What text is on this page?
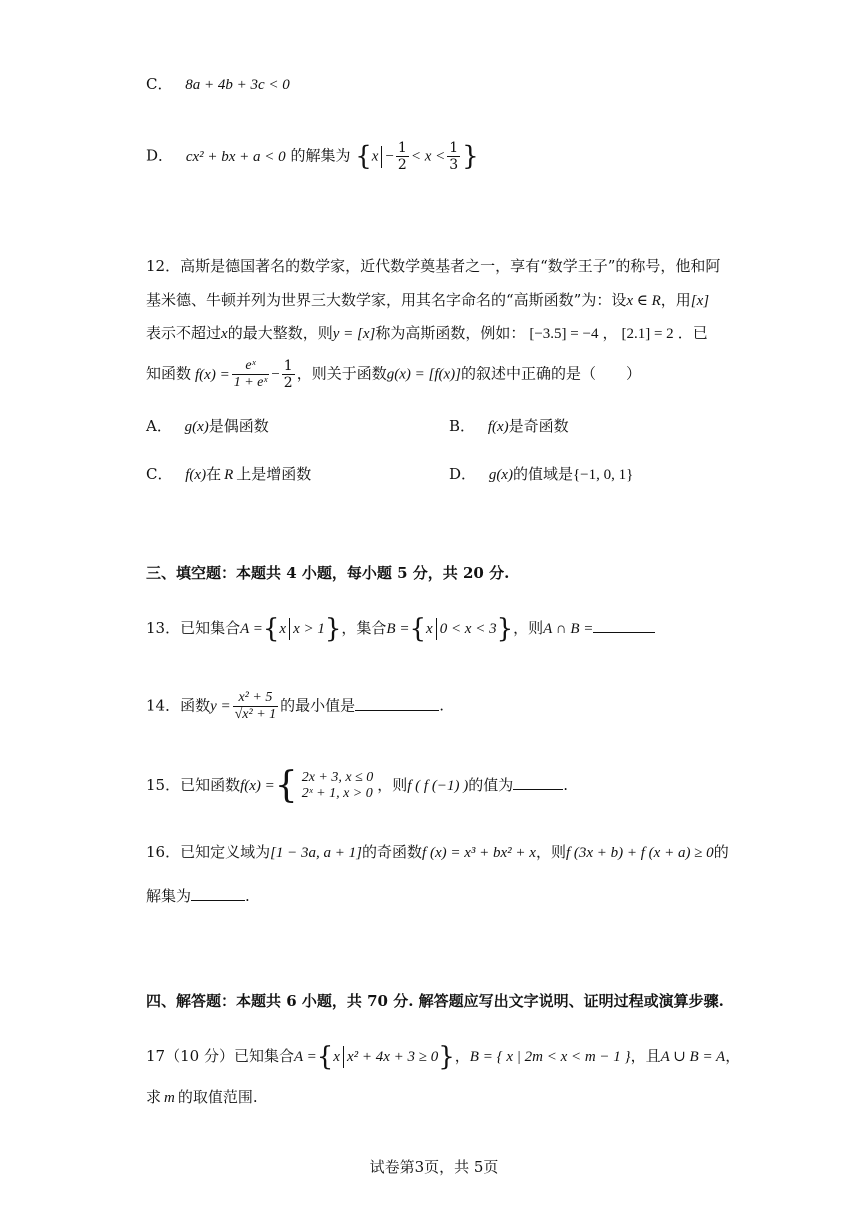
C． 8a + 4b + 3c < 0
D． cx² + bx + a < 0 的解集为 {$x - \frac{1}{2} < x < \frac{1}{3}$ }
12．高斯是德国著名的数学家，近代数学奠基者之一，享有“数学王子”的称号，他和阿
基米德、牛顿并列为世界三大数学家，用其名字命名的“高斯函数”为：设x ∈ R，用[x]
表示不超过x的最大整数，则y = [x]称为高斯函数，例如： [−3.5] = −4 ， [2.1] = 2 ．已
知函数 $f(x) = \frac{\text{eˣ}}{\text{1 + eˣ}} - \frac{1}{2}$ ，则关于函数g(x) = [f(x)]的叙述中正确的是（　　）
A． g(x)是偶函数	B． f(x)是奇函数
C． f(x)在 R 上是增函数	D． g(x)的值域是{−1, 0, 1}
三、填空题：本题共 4 小题，每小题 5 分，共 20 分.
13．已知集合A ={x x > 1}，集合B ={x 0 < x < 3}，则A ∩ B =
14．函数$y = \frac{\text{x² + 5}}{\text{√x² + 1}}$ 的最小值是	.
15．已知函数f(x) ={ 2x + 3, x ≤ 0
2ˣ + 1, x > 0 ，则f ( f (−1) )的值为	.
16．已知定义域为[1 − 3a, a + 1]的奇函数f (x) = x³ + bx² + x，则f (3x + b) + f (x + a) ≥ 0的
解集为	.
四、解答题：本题共 6 小题，共 70 分. 解答题应写出文字说明、证明过程或演算步骤.
17（10 分）已知集合A ={x x² + 4x + 3 ≥ 0}，B = { x | 2m < x < m − 1 }，且A ∪ B = A，
求 m 的取值范围.
试卷第3页，共 5页
